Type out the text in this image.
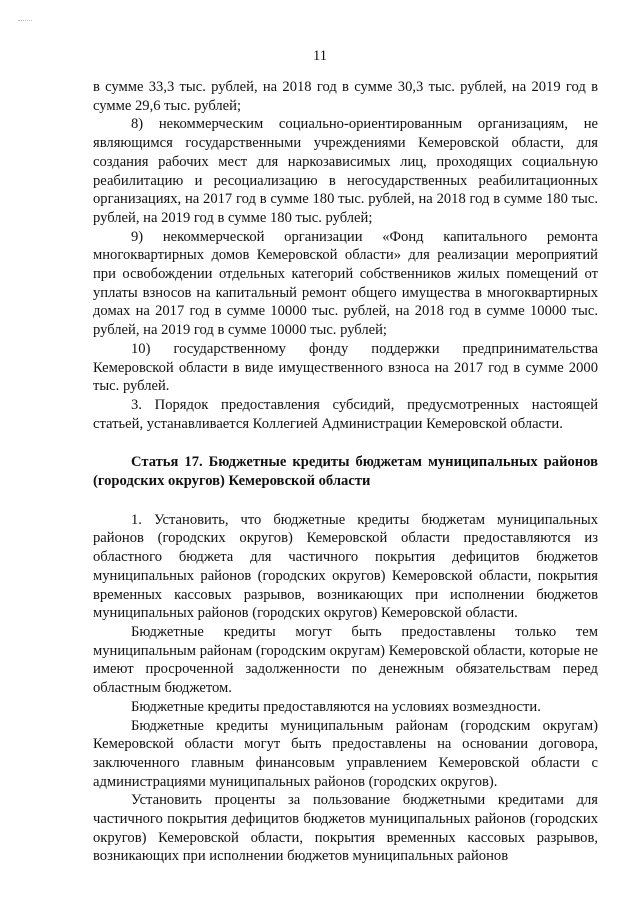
11

в сумме 33,3 тыс. рублей, на 2018 год в сумме 30,3 тыс. рублей, на 2019 год в сумме 29,6 тыс. рублей;

8) некоммерческим социально-ориентированным организациям, не являющимся государственными учреждениями Кемеровской области, для создания рабочих мест для наркозависимых лиц, проходящих социальную реабилитацию и ресоциализацию в негосударственных реабилитационных организациях, на 2017 год в сумме 180 тыс. рублей, на 2018 год в сумме 180 тыс. рублей, на 2019 год в сумме 180 тыс. рублей;

9) некоммерческой организации «Фонд капитального ремонта многоквартирных домов Кемеровской области» для реализации мероприятий при освобождении отдельных категорий собственников жилых помещений от уплаты взносов на капитальный ремонт общего имущества в многоквартирных домах на 2017 год в сумме 10000 тыс. рублей, на 2018 год в сумме 10000 тыс. рублей, на 2019 год в сумме 10000 тыс. рублей;

10) государственному фонду поддержки предпринимательства Кемеровской области в виде имущественного взноса на 2017 год в сумме 2000 тыс. рублей.

3. Порядок предоставления субсидий, предусмотренных настоящей статьей, устанавливается Коллегией Администрации Кемеровской области.

Статья 17. Бюджетные кредиты бюджетам муниципальных районов (городских округов) Кемеровской области

1. Установить, что бюджетные кредиты бюджетам муниципальных районов (городских округов) Кемеровской области предоставляются из областного бюджета для частичного покрытия дефицитов бюджетов муниципальных районов (городских округов) Кемеровской области, покрытия временных кассовых разрывов, возникающих при исполнении бюджетов муниципальных районов (городских округов) Кемеровской области.

Бюджетные кредиты могут быть предоставлены только тем муниципальным районам (городским округам) Кемеровской области, которые не имеют просроченной задолженности по денежным обязательствам перед областным бюджетом.

Бюджетные кредиты предоставляются на условиях возмездности.

Бюджетные кредиты муниципальным районам (городским округам) Кемеровской области могут быть предоставлены на основании договора, заключенного главным финансовым управлением Кемеровской области с администрациями муниципальных районов (городских округов).

Установить проценты за пользование бюджетными кредитами для частичного покрытия дефицитов бюджетов муниципальных районов (городских округов) Кемеровской области, покрытия временных кассовых разрывов, возникающих при исполнении бюджетов муниципальных районов
